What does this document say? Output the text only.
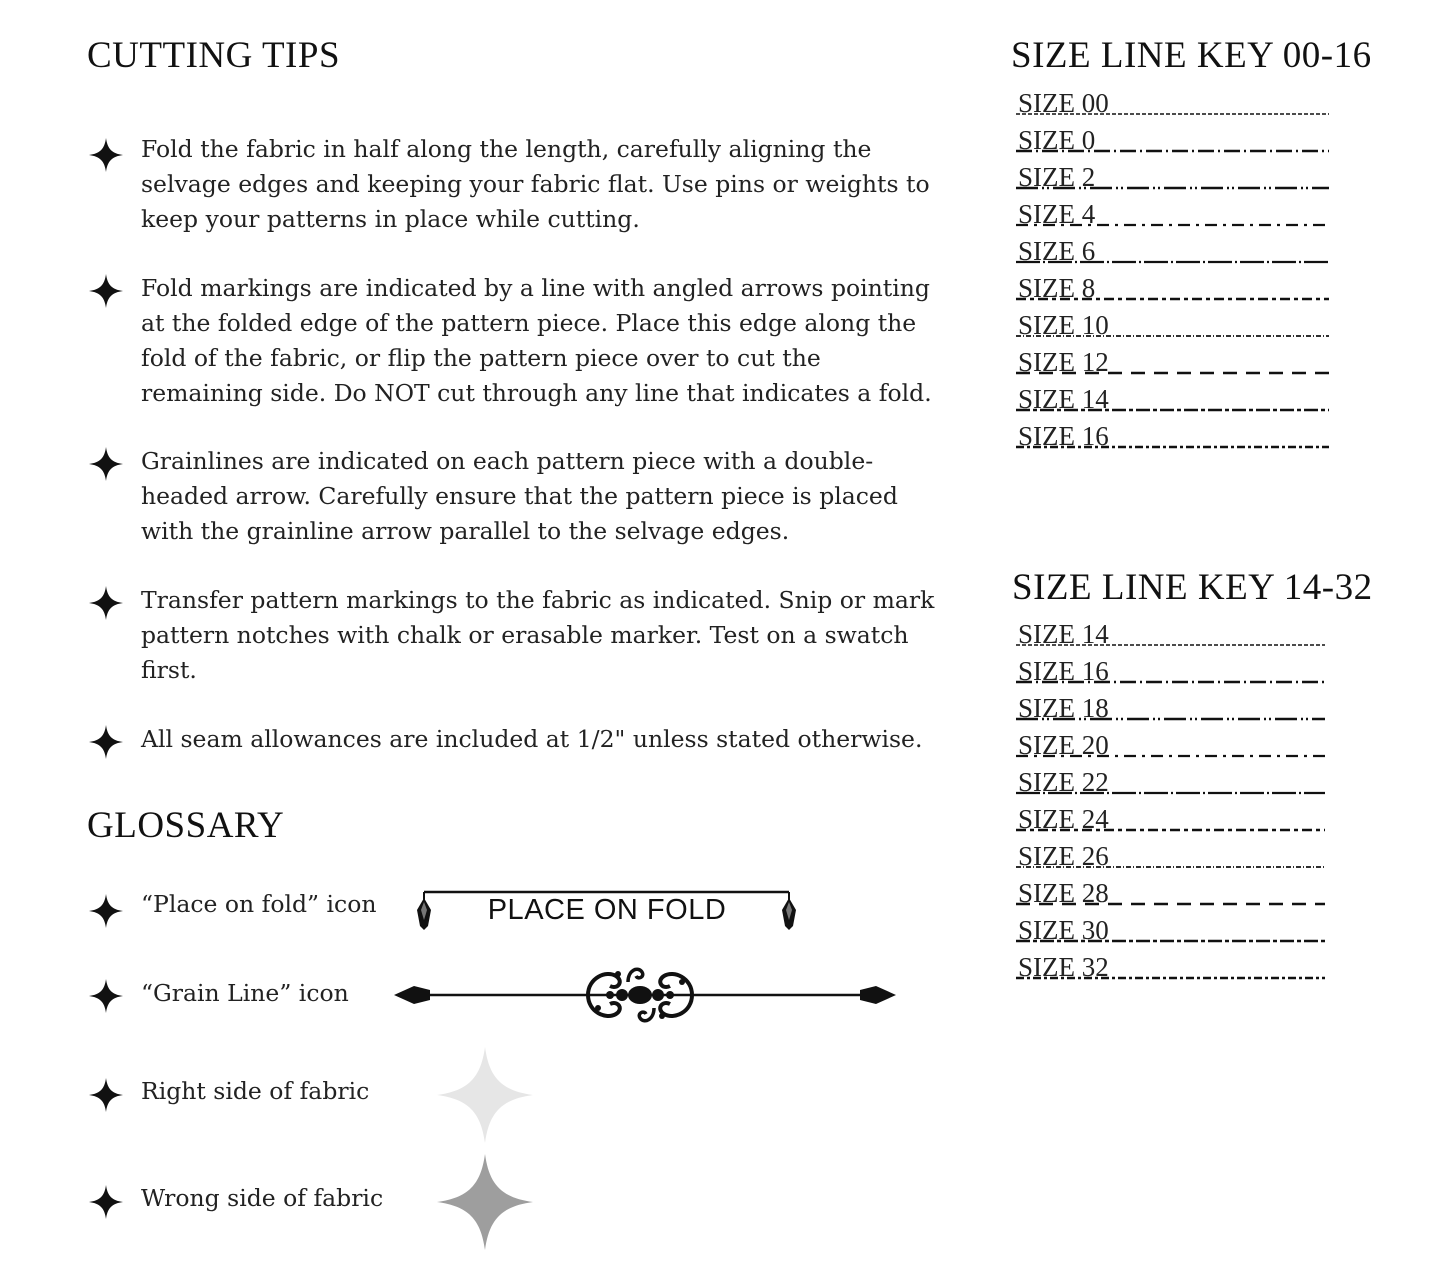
CUTTING TIPS
Fold the fabric in half along the length, carefully aligning the selvage edges and keeping your fabric flat. Use pins or weights to keep your patterns in place while cutting.
Fold markings are indicated by a line with angled arrows pointing at the folded edge of the pattern piece. Place this edge along the fold of the fabric, or flip the pattern piece over to cut the remaining side. Do NOT cut through any line that indicates a fold.
Grainlines are indicated on each pattern piece with a double-headed arrow. Carefully ensure that the pattern piece is placed with the grainline arrow parallel to the selvage edges.
Transfer pattern markings to the fabric as indicated. Snip or mark pattern notches with chalk or erasable marker. Test on a swatch first.
All seam allowances are included at 1/2" unless stated otherwise.
GLOSSARY
“Place on fold” icon	PLACE ON FOLD
“Grain Line” icon
Right side of fabric
Wrong side of fabric
SIZE LINE KEY 00-16
SIZE 00
SIZE 0
SIZE 2
SIZE 4
SIZE 6
SIZE 8
SIZE 10
SIZE 12
SIZE 14
SIZE 16
SIZE LINE KEY 14-32
SIZE 14
SIZE 16
SIZE 18
SIZE 20
SIZE 22
SIZE 24
SIZE 26
SIZE 28
SIZE 30
SIZE 32
